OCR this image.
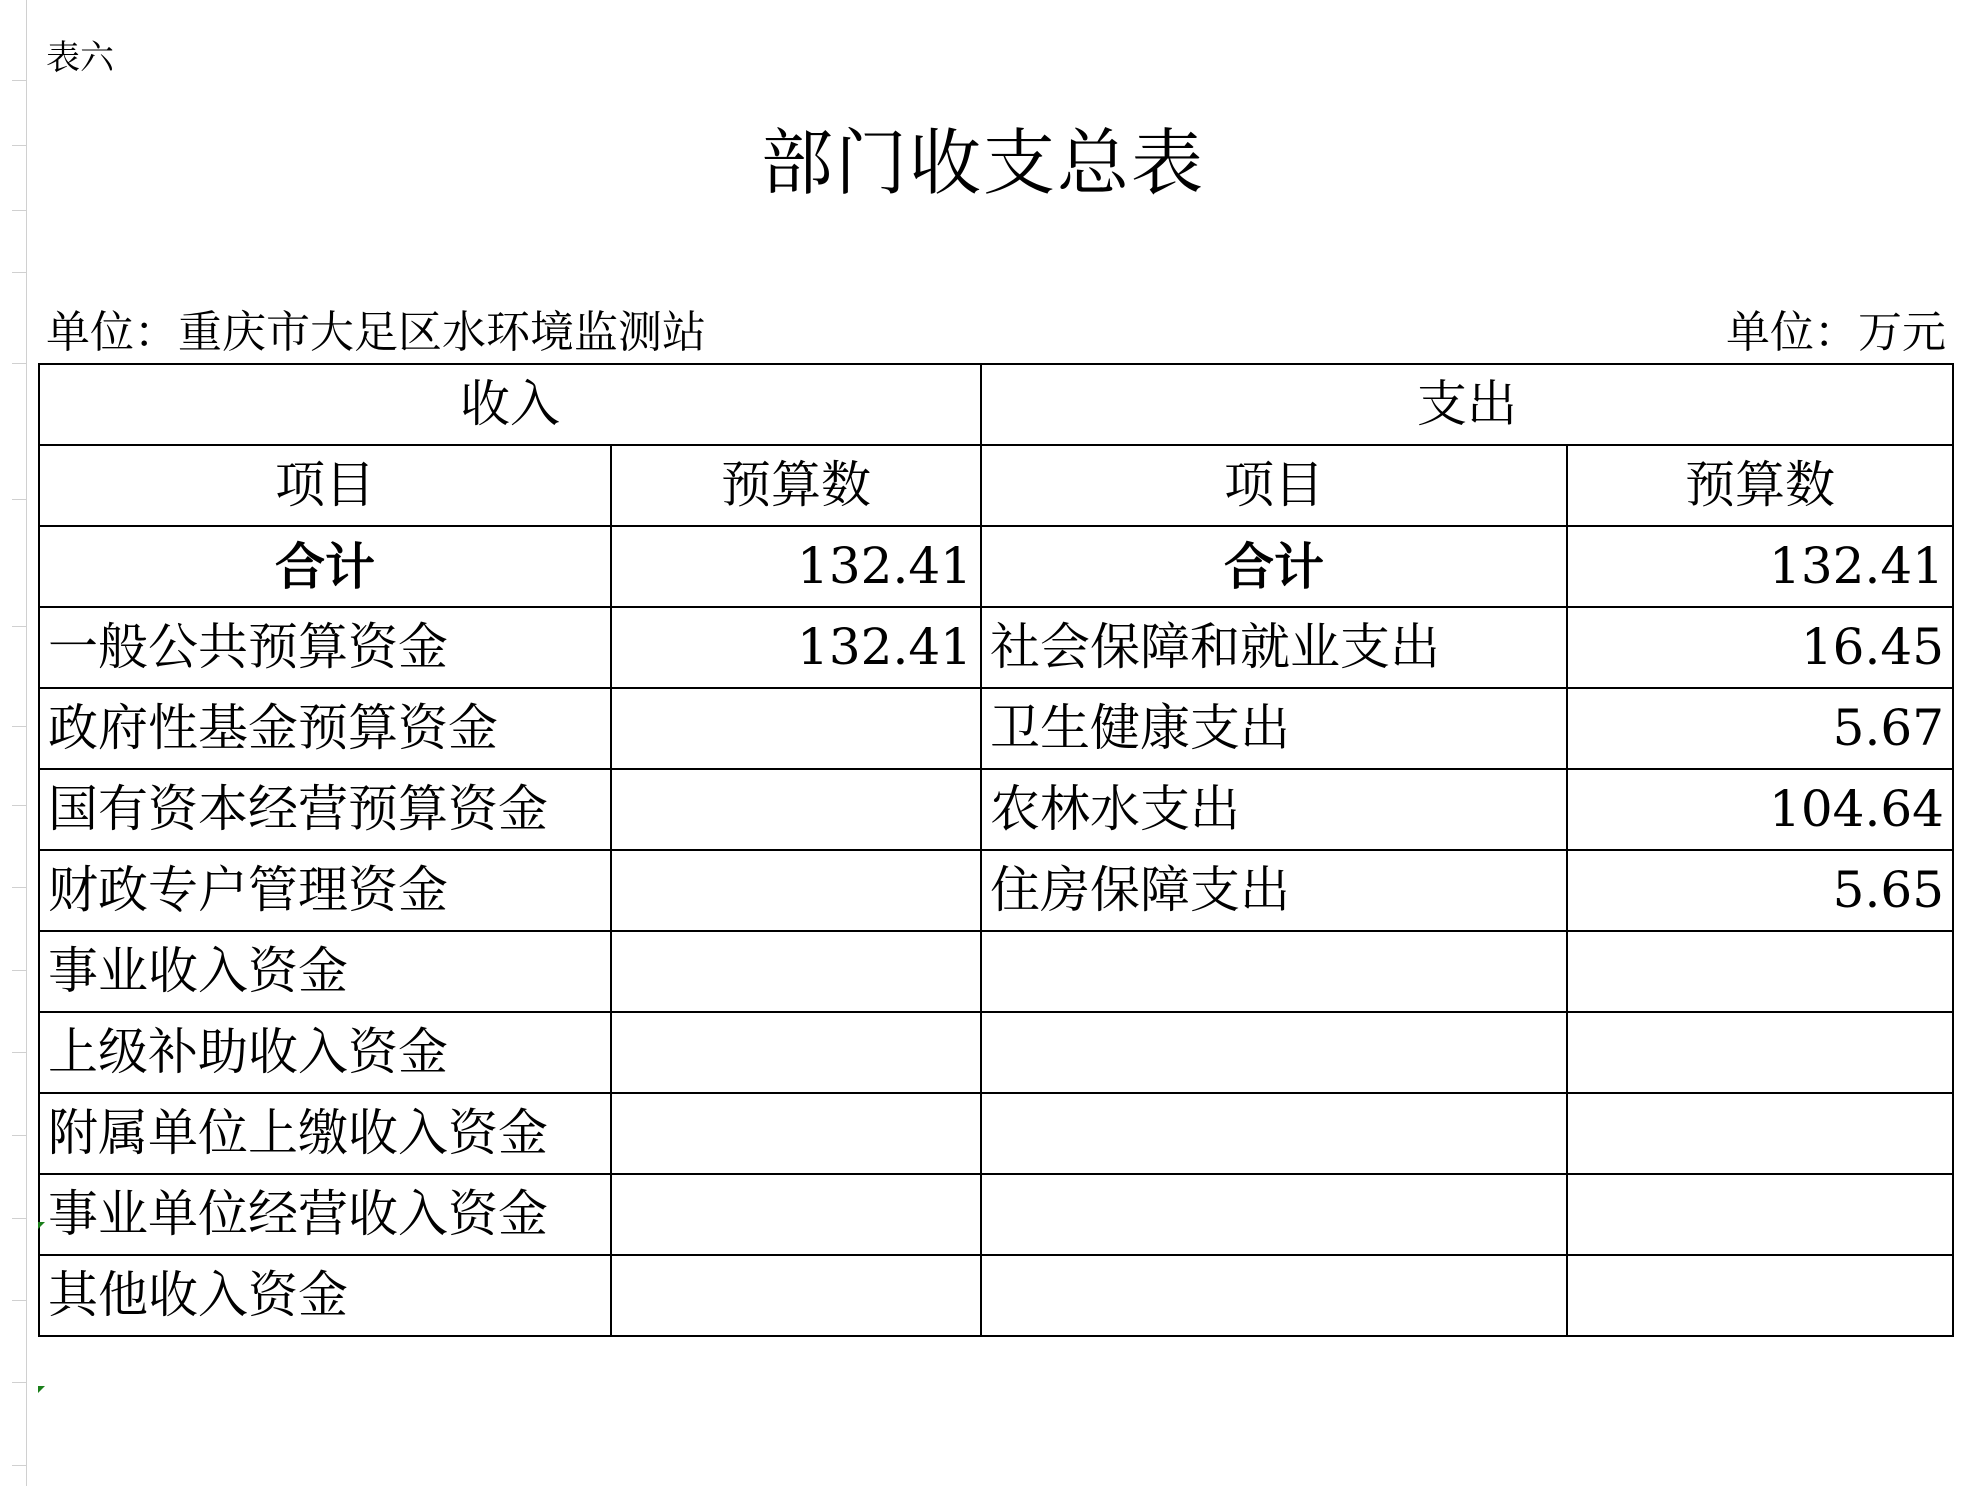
表六
部门收支总表
单位：重庆市大足区水环境监测站	单位：万元
收入		支出	
项目	预算数	项目	预算数
合计	132.41	合计	132.41
一般公共预算资金	132.41	社会保障和就业支出	16.45
政府性基金预算资金		卫生健康支出	5.67
国有资本经营预算资金		农林水支出	104.64
财政专户管理资金		住房保障支出	5.65
事业收入资金			
上级补助收入资金			
附属单位上缴收入资金			
事业单位经营收入资金			
其他收入资金			
